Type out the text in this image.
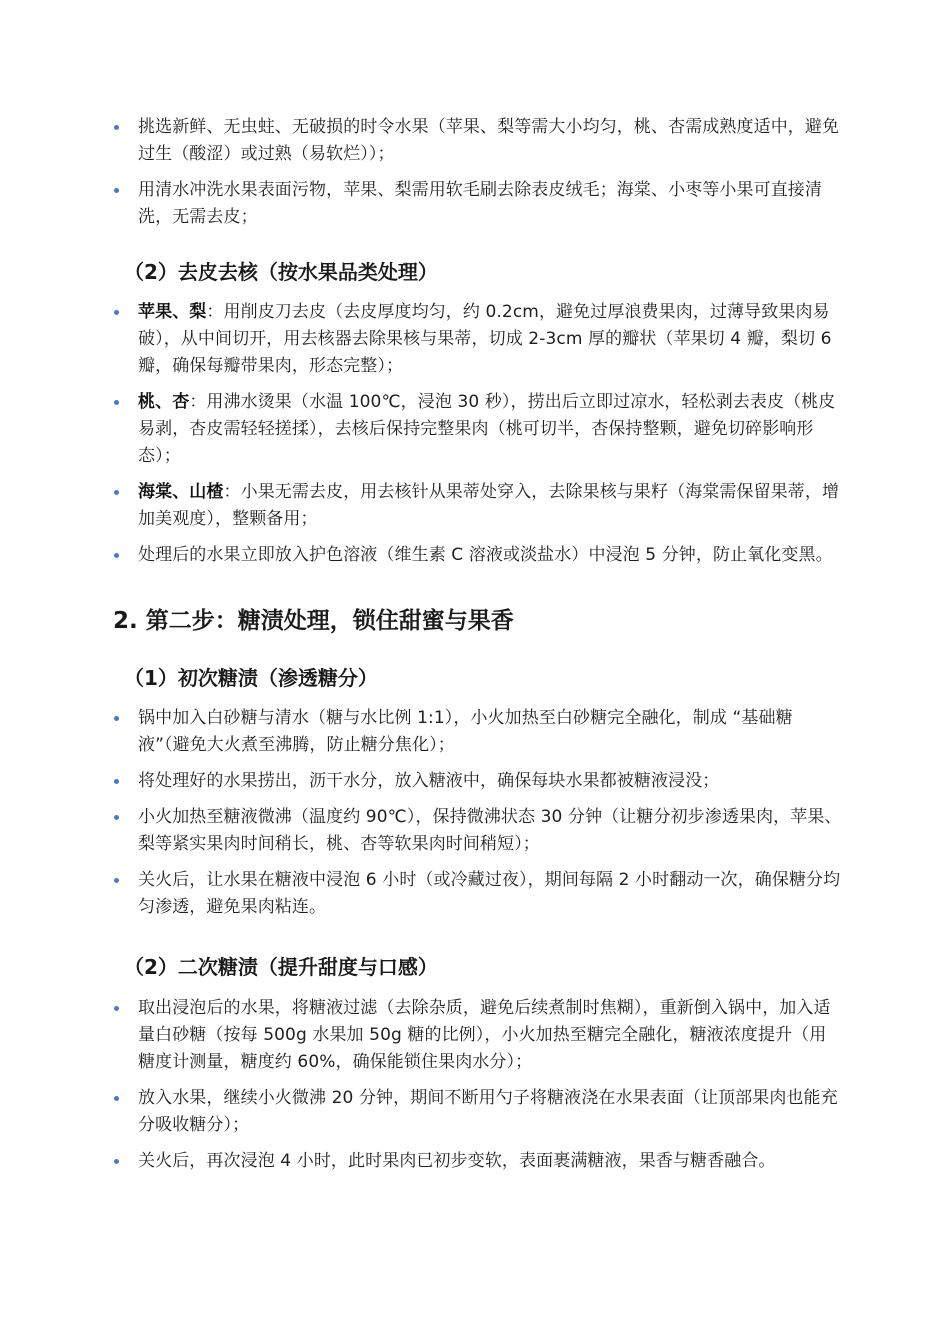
挑选新鲜、无虫蛀、无破损的时令水果（苹果、梨等需大小均匀，桃、杏需成熟度适中，避免过生（酸涩）或过熟（易软烂））；
用清水冲洗水果表面污物，苹果、梨需用软毛刷去除表皮绒毛；海棠、小枣等小果可直接清洗，无需去皮；
（2）去皮去核（按水果品类处理）
苹果、梨：用削皮刀去皮（去皮厚度均匀，约 0.2cm，避免过厚浪费果肉，过薄导致果肉易破），从中间切开，用去核器去除果核与果蒂，切成 2-3cm 厚的瓣状（苹果切 4 瓣，梨切 6 瓣，确保每瓣带果肉，形态完整）；
桃、杏：用沸水烫果（水温 100℃，浸泡 30 秒），捞出后立即过凉水，轻松剥去表皮（桃皮易剥，杏皮需轻轻搓揉），去核后保持完整果肉（桃可切半，杏保持整颗，避免切碎影响形态）；
海棠、山楂：小果无需去皮，用去核针从果蒂处穿入，去除果核与果籽（海棠需保留果蒂，增加美观度），整颗备用；
处理后的水果立即放入护色溶液（维生素 C 溶液或淡盐水）中浸泡 5 分钟，防止氧化变黑。
2. 第二步：糖渍处理，锁住甜蜜与果香
（1）初次糖渍（渗透糖分）
锅中加入白砂糖与清水（糖与水比例 1:1），小火加热至白砂糖完全融化，制成 “基础糖液”（避免大火煮至沸腾，防止糖分焦化）；
将处理好的水果捞出，沥干水分，放入糖液中，确保每块水果都被糖液浸没；
小火加热至糖液微沸（温度约 90℃），保持微沸状态 30 分钟（让糖分初步渗透果肉，苹果、梨等紧实果肉时间稍长，桃、杏等软果肉时间稍短）；
关火后，让水果在糖液中浸泡 6 小时（或冷藏过夜），期间每隔 2 小时翻动一次，确保糖分均匀渗透，避免果肉粘连。
（2）二次糖渍（提升甜度与口感）
取出浸泡后的水果，将糖液过滤（去除杂质，避免后续煮制时焦糊），重新倒入锅中，加入适量白砂糖（按每 500g 水果加 50g 糖的比例），小火加热至糖完全融化，糖液浓度提升（用糖度计测量，糖度约 60%，确保能锁住果肉水分）；
放入水果，继续小火微沸 20 分钟，期间不断用勺子将糖液浇在水果表面（让顶部果肉也能充分吸收糖分）；
关火后，再次浸泡 4 小时，此时果肉已初步变软，表面裹满糖液，果香与糖香融合。
